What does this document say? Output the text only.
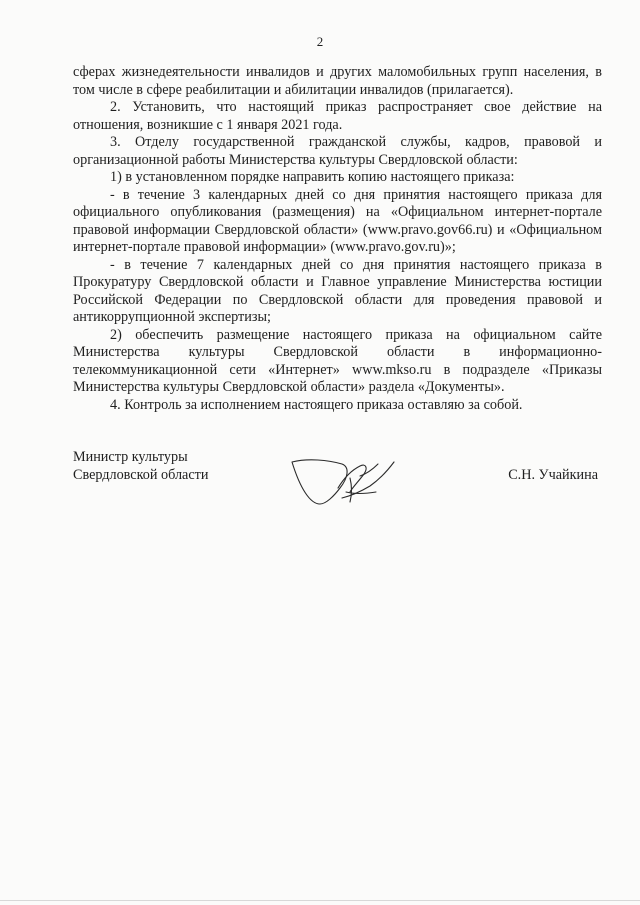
2

сферах жизнедеятельности инвалидов и других маломобильных групп населения, в том числе в сфере реабилитации и абилитации инвалидов (прилагается).

2. Установить, что настоящий приказ распространяет свое действие на отношения, возникшие с 1 января 2021 года.

3. Отделу государственной гражданской службы, кадров, правовой и организационной работы Министерства культуры Свердловской области:

1) в установленном порядке направить копию настоящего приказа:

- в течение 3 календарных дней со дня принятия настоящего приказа для официального опубликования (размещения) на «Официальном интернет-портале правовой информации Свердловской области» (www.pravo.gov66.ru) и «Официальном интернет-портале правовой информации» (www.pravo.gov.ru)»;

- в течение 7 календарных дней со дня принятия настоящего приказа в Прокуратуру Свердловской области и Главное управление Министерства юстиции Российской Федерации по Свердловской области для проведения правовой и антикоррупционной экспертизы;

2) обеспечить размещение настоящего приказа на официальном сайте Министерства культуры Свердловской области в информационно-телекоммуникационной сети «Интернет» www.mkso.ru в подразделе «Приказы Министерства культуры Свердловской области» раздела «Документы».

4. Контроль за исполнением настоящего приказа оставляю за собой.

Министр культуры
Свердловской области	С.Н. Учайкина
